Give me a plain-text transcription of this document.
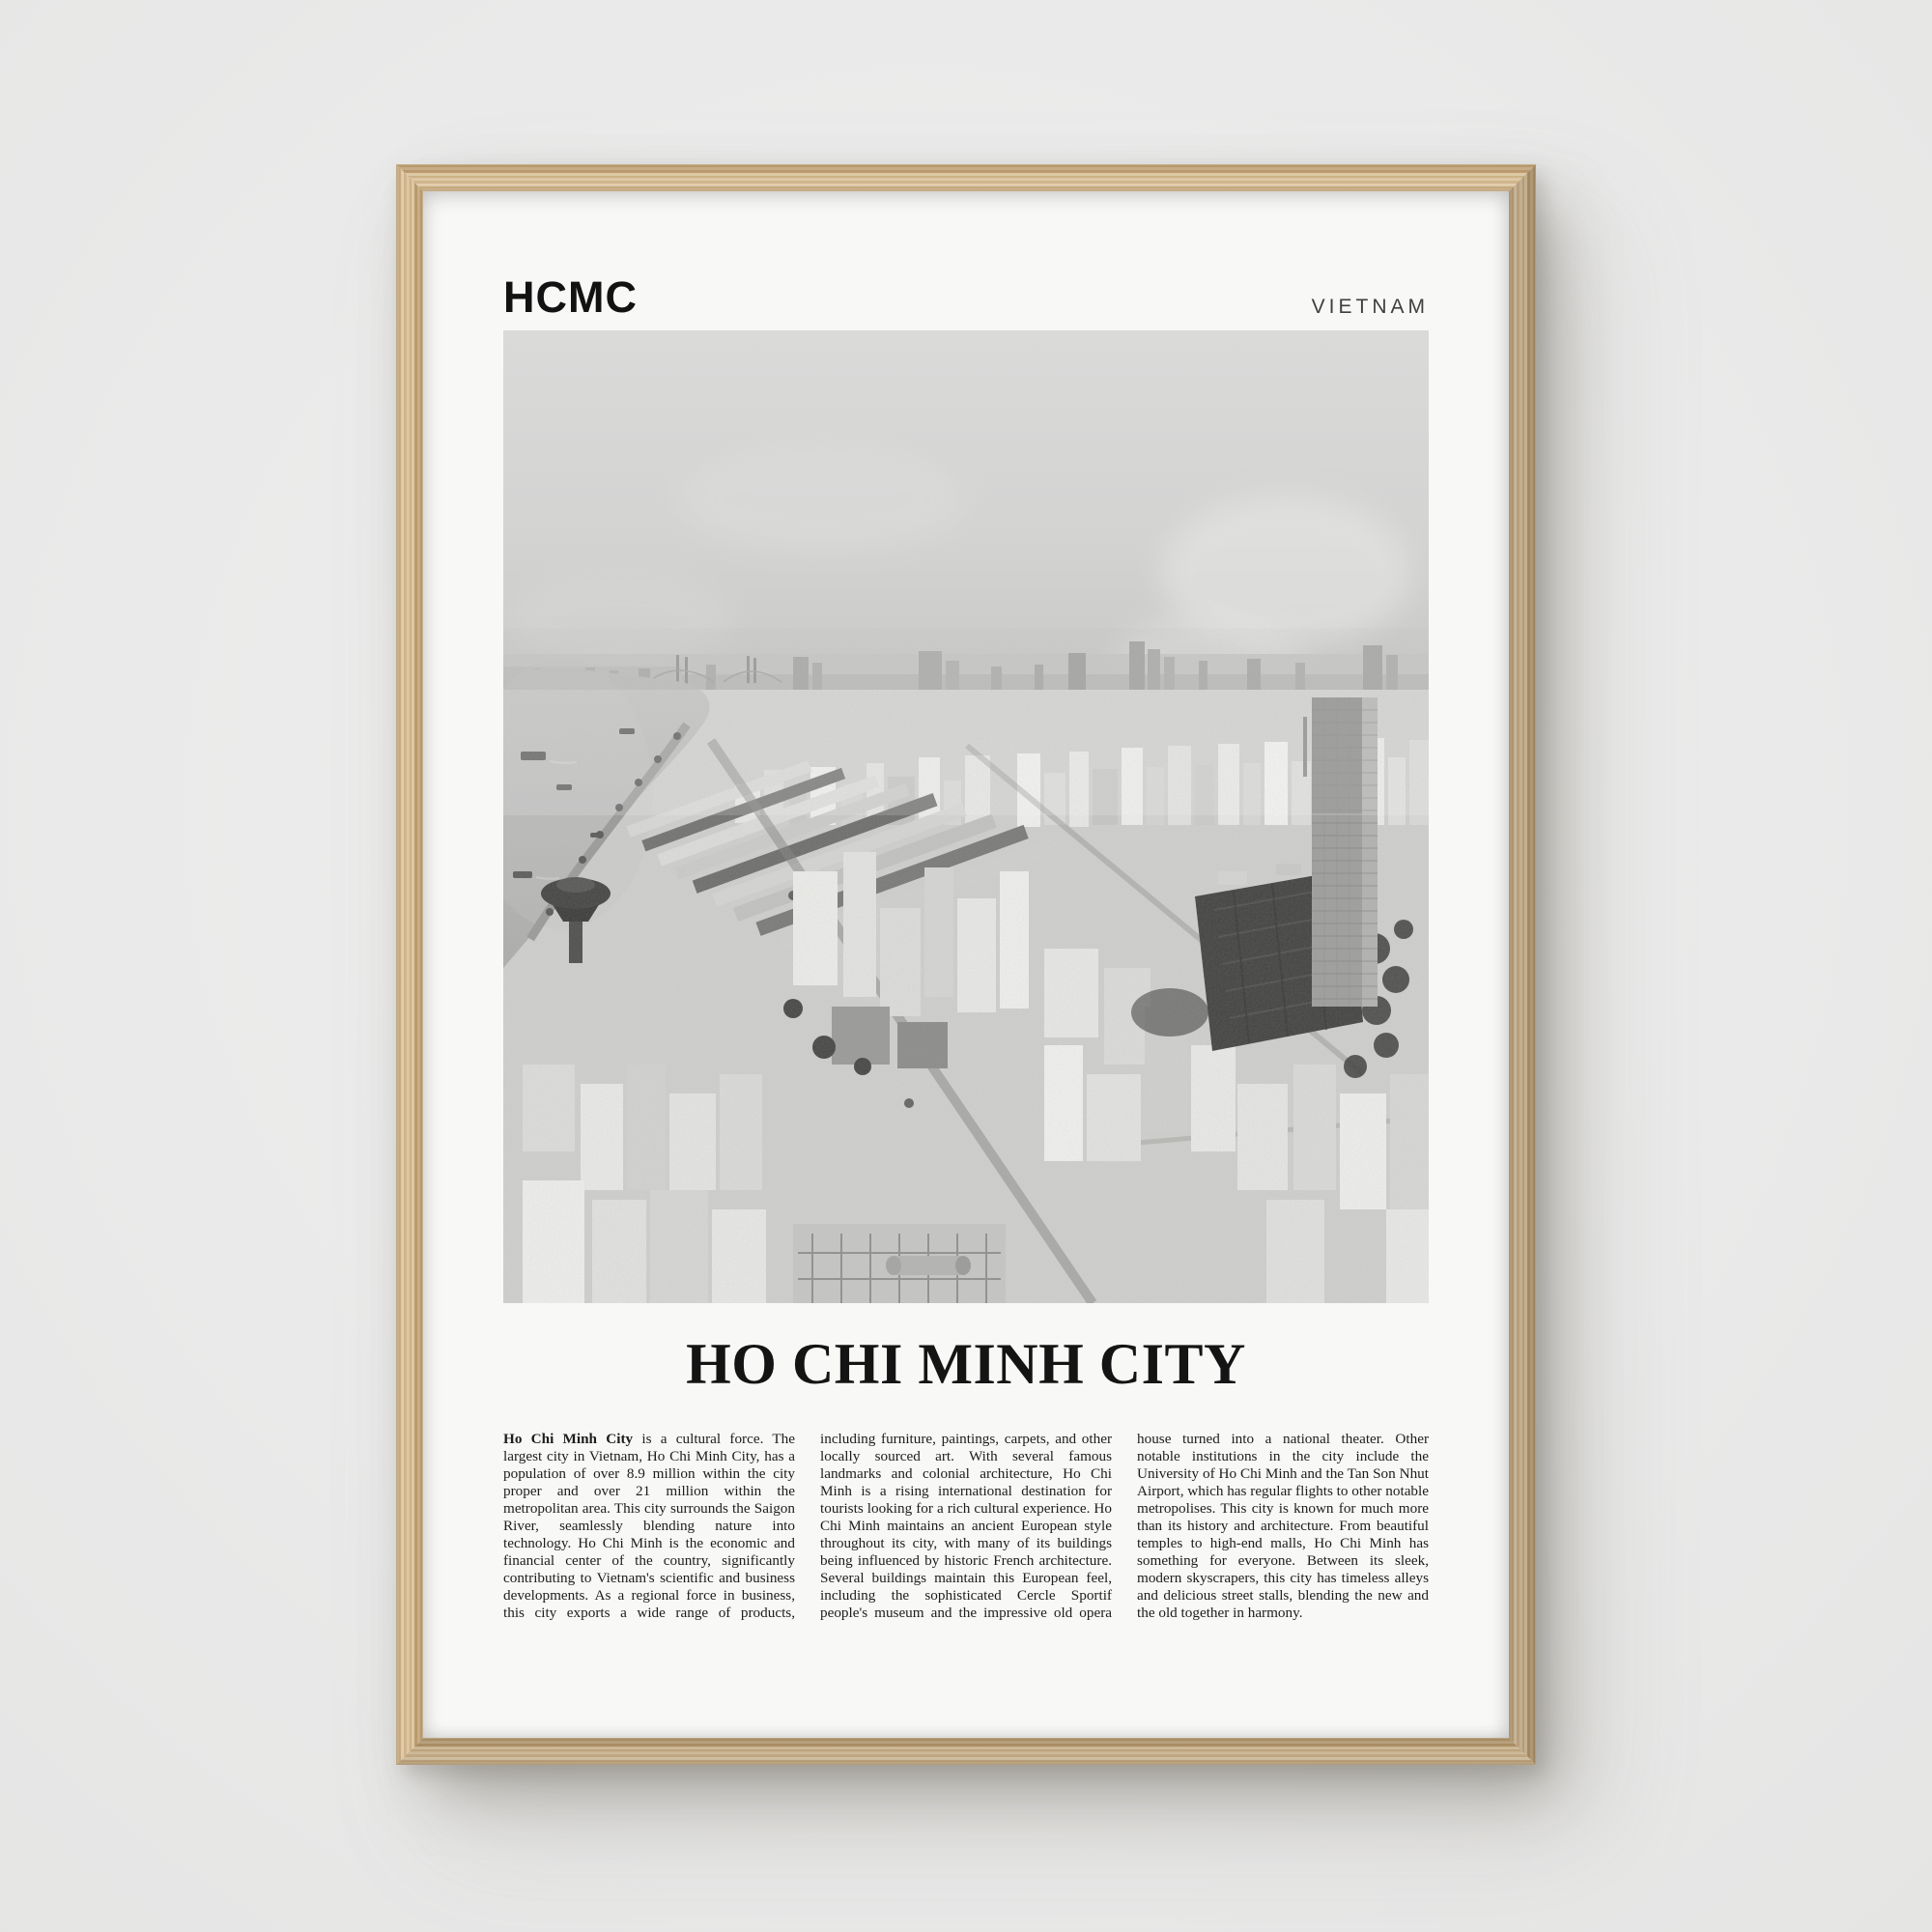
HCMC	VIETNAM
HO CHI MINH CITY
Ho Chi Minh City is a cultural force. The largest city in Vietnam, Ho Chi Minh City, has a population of over 8.9 million within the city proper and over 21 million within the metropolitan area. This city surrounds the Saigon River, seamlessly blending nature into technology. Ho Chi Minh is the economic and financial center of the country, significantly contributing to Vietnam's scientific and business developments. As a regional force in business, this city exports a wide range of products, including furniture, paintings, carpets, and other locally sourced art. With several famous landmarks and colonial architecture, Ho Chi Minh is a rising international destination for tourists looking for a rich cultural experience. Ho Chi Minh maintains an ancient European style throughout its city, with many of its buildings being influenced by historic French architecture. Several buildings maintain this European feel, including the sophisticated Cercle Sportif people's museum and the impressive old opera house turned into a national theater. Other notable institutions in the city include the University of Ho Chi Minh and the Tan Son Nhut Airport, which has regular flights to other notable metropolises. This city is known for much more than its history and architecture. From beautiful temples to high-end malls, Ho Chi Minh has something for everyone. Between its sleek, modern skyscrapers, this city has timeless alleys and delicious street stalls, blending the new and the old together in harmony.
